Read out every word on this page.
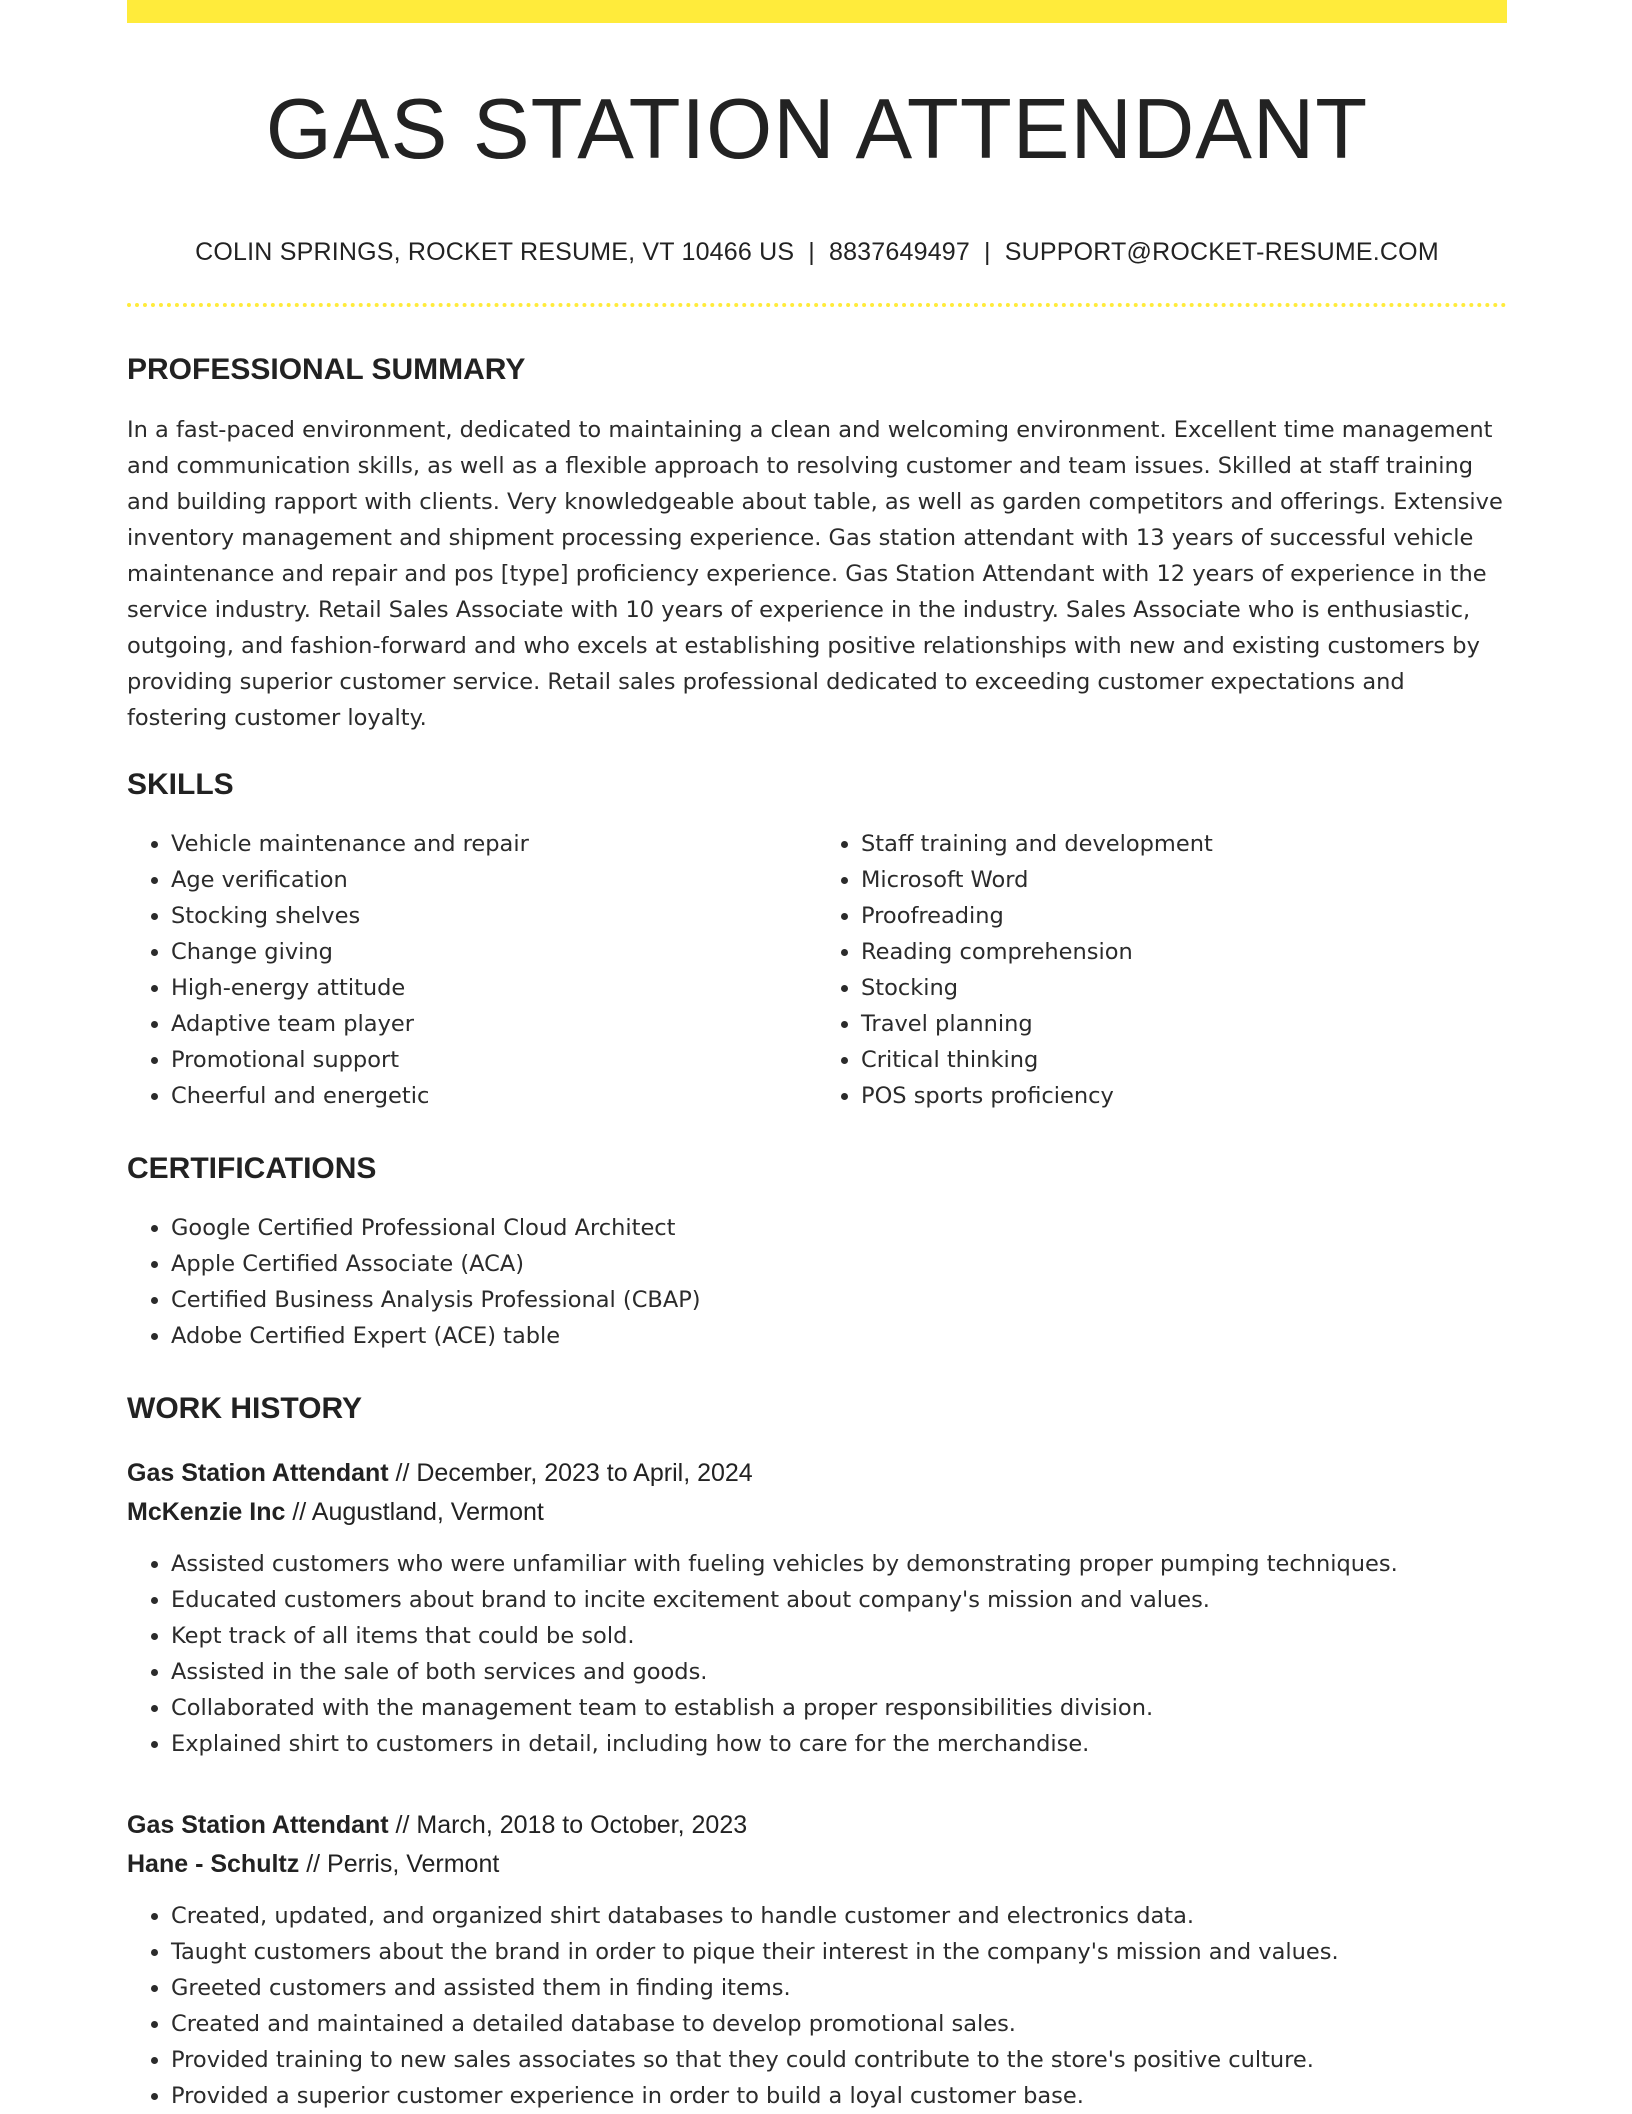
GAS STATION ATTENDANT
COLIN SPRINGS, ROCKET RESUME, VT 10466 US | 8837649497 | SUPPORT@ROCKET-RESUME.COM
PROFESSIONAL SUMMARY

In a fast-paced environment, dedicated to maintaining a clean and welcoming environment. Excellent time management and communication skills, as well as a flexible approach to resolving customer and team issues. Skilled at staff training and building rapport with clients. Very knowledgeable about table, as well as garden competitors and offerings. Extensive inventory management and shipment processing experience. Gas station attendant with 13 years of successful vehicle maintenance and repair and pos [type] proficiency experience. Gas Station Attendant with 12 years of experience in the service industry. Retail Sales Associate with 10 years of experience in the industry. Sales Associate who is enthusiastic, outgoing, and fashion-forward and who excels at establishing positive relationships with new and existing customers by providing superior customer service. Retail sales professional dedicated to exceeding customer expectations and fostering customer loyalty.

SKILLS
• Vehicle maintenance and repair
• Age verification
• Stocking shelves
• Change giving
• High-energy attitude
• Adaptive team player
• Promotional support
• Cheerful and energetic
• Staff training and development
• Microsoft Word
• Proofreading
• Reading comprehension
• Stocking
• Travel planning
• Critical thinking
• POS sports proficiency
CERTIFICATIONS
• Google Certified Professional Cloud Architect
• Apple Certified Associate (ACA)
• Certified Business Analysis Professional (CBAP)
• Adobe Certified Expert (ACE) table
WORK HISTORY
Gas Station Attendant // December, 2023 to April, 2024
McKenzie Inc // Augustland, Vermont
• Assisted customers who were unfamiliar with fueling vehicles by demonstrating proper pumping techniques.
• Educated customers about brand to incite excitement about company's mission and values.
• Kept track of all items that could be sold.
• Assisted in the sale of both services and goods.
• Collaborated with the management team to establish a proper responsibilities division.
• Explained shirt to customers in detail, including how to care for the merchandise.
Gas Station Attendant // March, 2018 to October, 2023
Hane - Schultz // Perris, Vermont
• Created, updated, and organized shirt databases to handle customer and electronics data.
• Taught customers about the brand in order to pique their interest in the company's mission and values.
• Greeted customers and assisted them in finding items.
• Created and maintained a detailed database to develop promotional sales.
• Provided training to new sales associates so that they could contribute to the store's positive culture.
• Provided a superior customer experience in order to build a loyal customer base.
